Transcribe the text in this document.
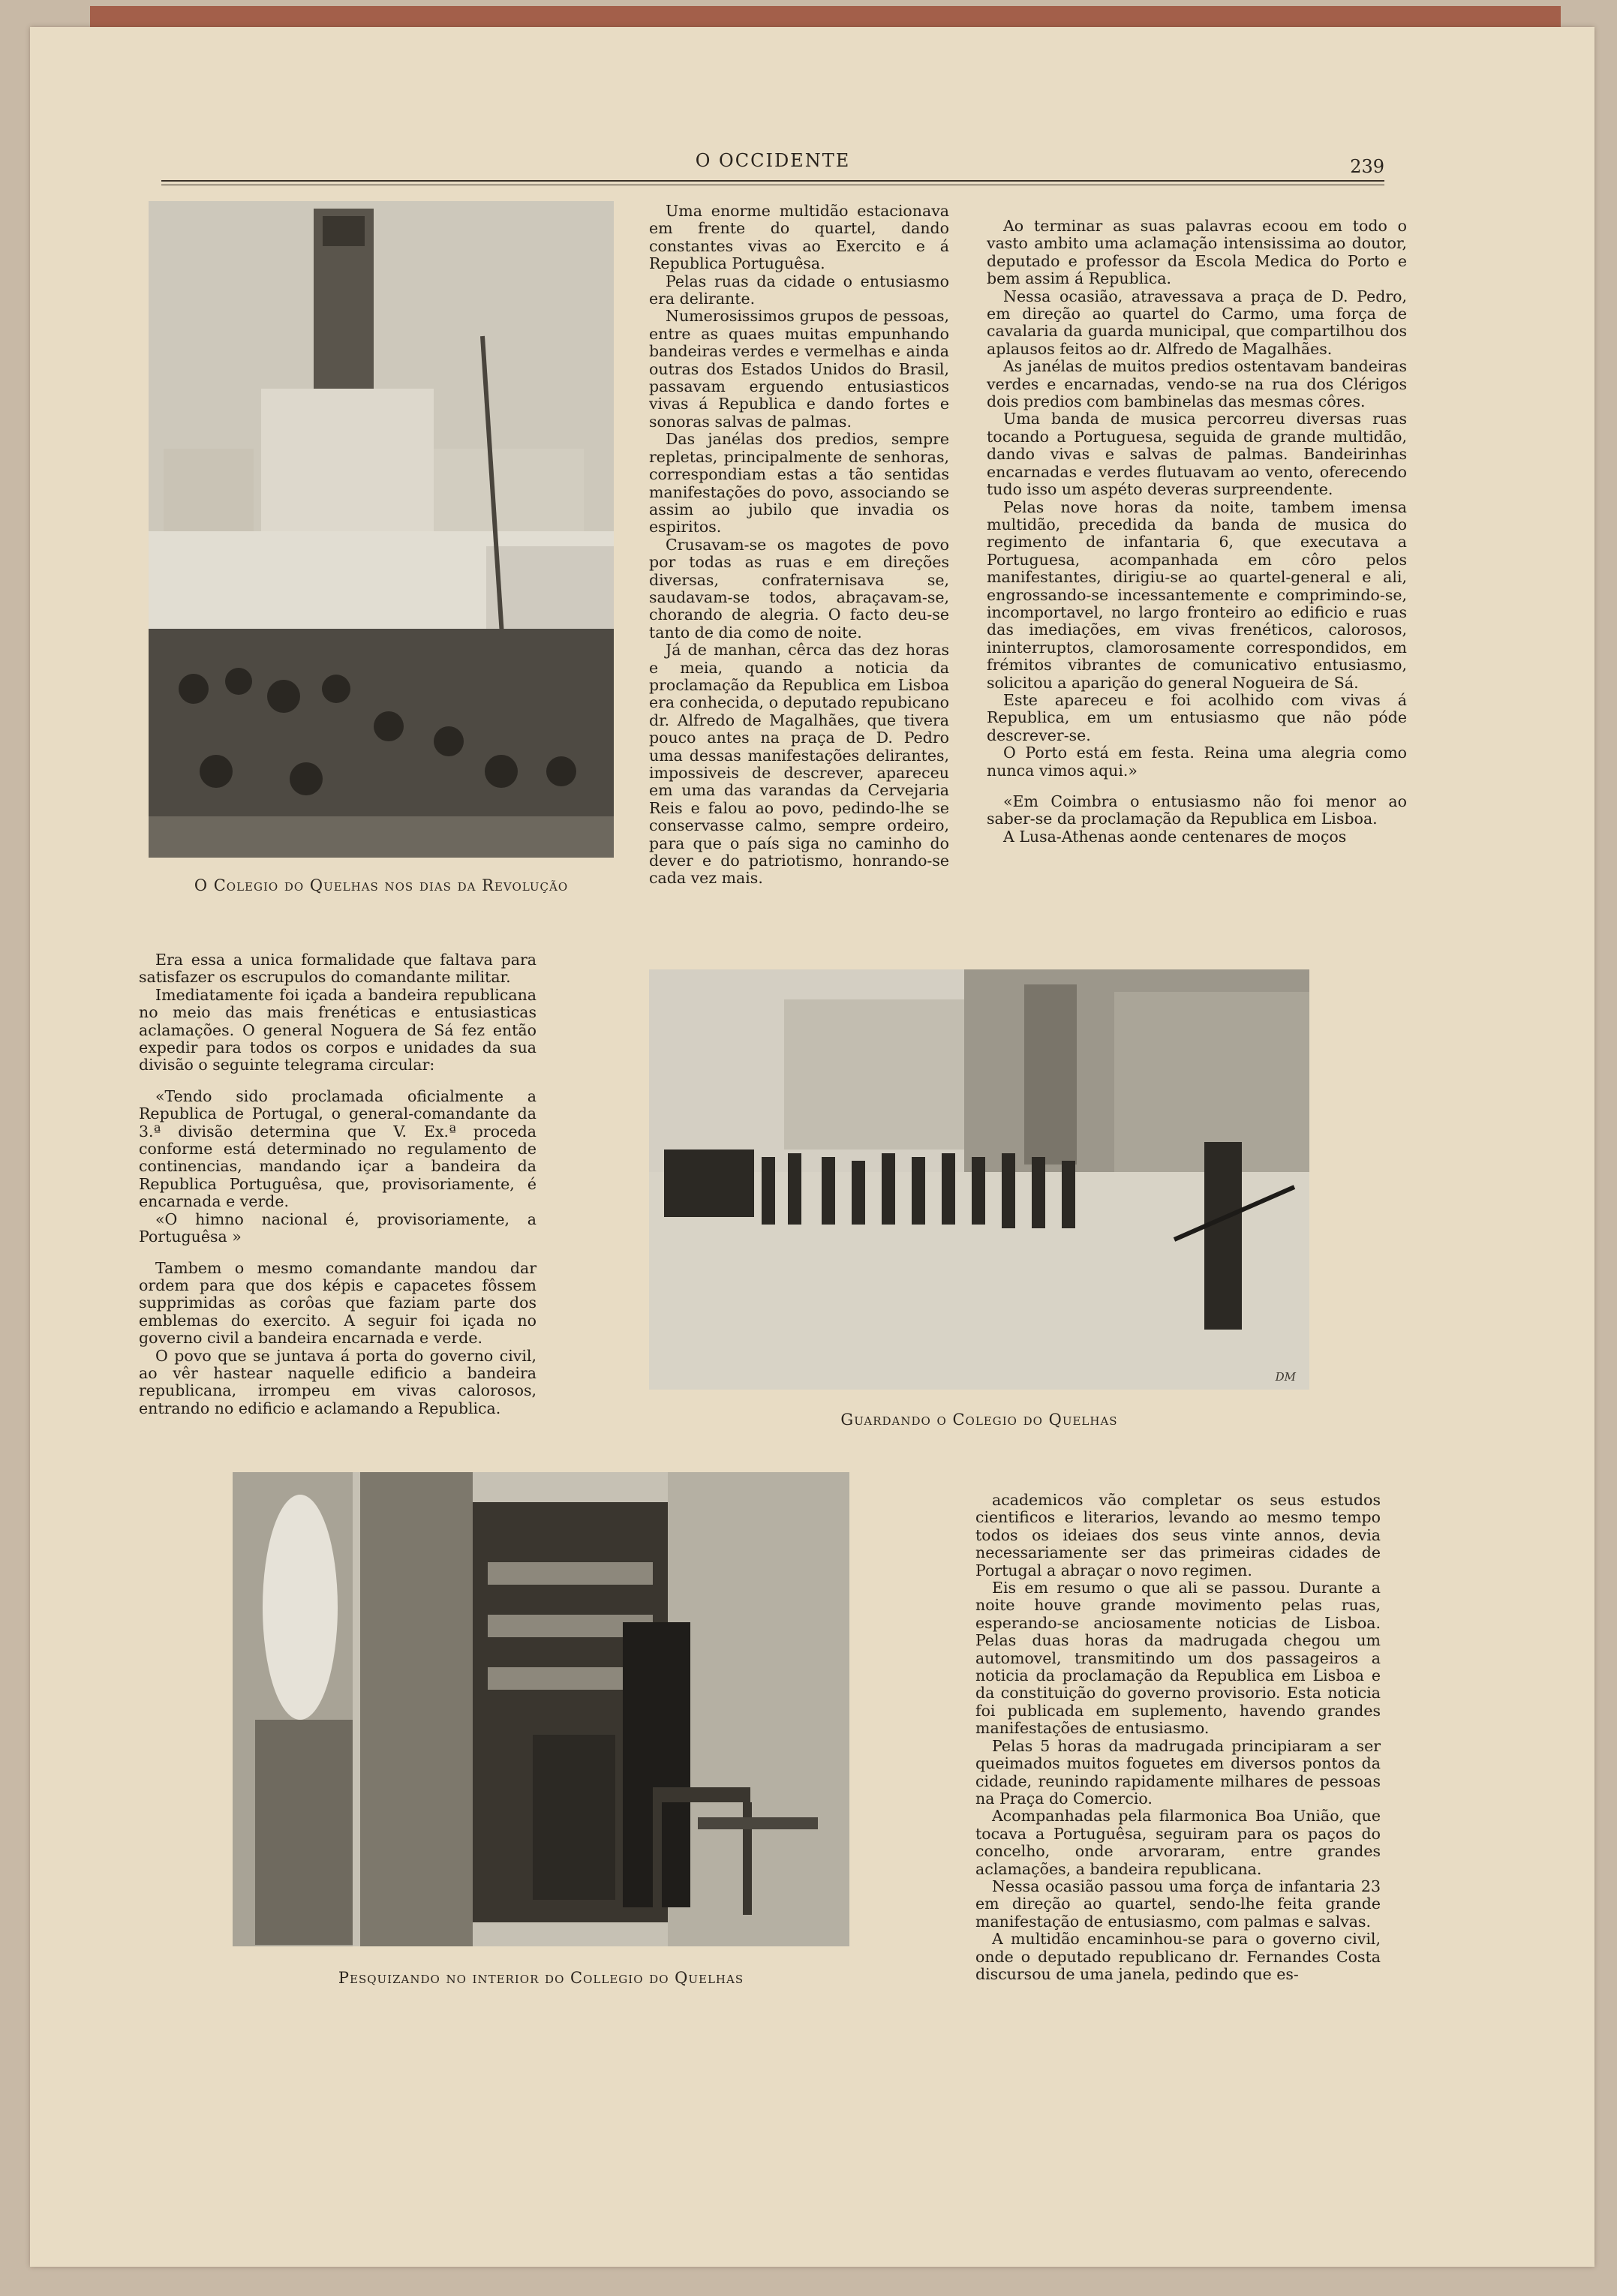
O OCCIDENTE	239
O Colegio do Quelhas nos dias da Revolução

Uma enorme multidão estacionava em frente do quartel, dando constantes vivas ao Exercito e á Republica Portuguêsa.

Pelas ruas da cidade o entusiasmo era delirante.

Numerosissimos grupos de pessoas, entre as quaes muitas empunhando bandeiras verdes e vermelhas e ainda outras dos Estados Unidos do Brasil, passavam erguendo entusiasticos vivas á Republica e dando fortes e sonoras salvas de palmas.

Das janélas dos predios, sempre repletas, principalmente de senhoras, correspondiam estas a tão sentidas manifestações do povo, associando se assim ao jubilo que invadia os espiritos.

Crusavam-se os magotes de povo por todas as ruas e em direções diversas, confraternisava se, saudavam-se todos, abraçavam-se, chorando de alegria. O facto deu-se tanto de dia como de noite.

Já de manhan, cêrca das dez horas e meia, quando a noticia da proclamação da Republica em Lisboa era conhecida, o deputado repubicano dr. Alfredo de Magalhães, que tivera pouco antes na praça de D. Pedro uma dessas manifestações delirantes, impossiveis de descrever, apareceu em uma das varandas da Cervejaria Reis e falou ao povo, pedindo-lhe se conservasse calmo, sempre ordeiro, para que o país siga no caminho do dever e do patriotismo, honrando-se cada vez mais.

Ao terminar as suas palavras ecoou em todo o vasto ambito uma aclamação intensissima ao doutor, deputado e professor da Escola Medica do Porto e bem assim á Republica.

Nessa ocasião, atravessava a praça de D. Pedro, em direção ao quartel do Carmo, uma força de cavalaria da guarda municipal, que compartilhou dos aplausos feitos ao dr. Alfredo de Magalhães.

As janélas de muitos predios ostentavam bandeiras verdes e encarnadas, vendo-se na rua dos Clérigos dois predios com bambinelas das mesmas côres.

Uma banda de musica percorreu diversas ruas tocando a Portuguesa, seguida de grande multidão, dando vivas e salvas de palmas. Bandeirinhas encarnadas e verdes flutuavam ao vento, oferecendo tudo isso um aspéto deveras surpreendente.

Pelas nove horas da noite, tambem imensa multidão, precedida da banda de musica do regimento de infantaria 6, que executava a Portuguesa, acompanhada em côro pelos manifestantes, dirigiu-se ao quartel-general e ali, engrossando-se incessantemente e comprimindo-se, incomportavel, no largo fronteiro ao edificio e ruas das imediações, em vivas frenéticos, calorosos, ininterruptos, clamorosamente correspondidos, em frémitos vibrantes de comunicativo entusiasmo, solicitou a aparição do general Nogueira de Sá.

Este apareceu e foi acolhido com vivas á Republica, em um entusiasmo que não póde descrever-se.

O Porto está em festa. Reina uma alegria como nunca vimos aqui.»

«Em Coimbra o entusiasmo não foi menor ao saber-se da proclamação da Republica em Lisboa.

A Lusa-Athenas aonde centenares de moços

Era essa a unica formalidade que faltava para satisfazer os escrupulos do comandante militar.

Imediatamente foi içada a bandeira republicana no meio das mais frenéticas e entusiasticas aclamações. O general Noguera de Sá fez então expedir para todos os corpos e unidades da sua divisão o seguinte telegrama circular:

«Tendo sido proclamada oficialmente a Republica de Portugal, o general-comandante da 3.ª divisão determina que V. Ex.ª proceda conforme está determinado no regulamento de continencias, mandando içar a bandeira da Republica Portuguêsa, que, provisoriamente, é encarnada e verde.

«O himno nacional é, provisoriamente, a Portuguêsa »

Tambem o mesmo comandante mandou dar ordem para que dos képis e capacetes fôssem supprimidas as corôas que faziam parte dos emblemas do exercito. A seguir foi içada no governo civil a bandeira encarnada e verde.

O povo que se juntava á porta do governo civil, ao vêr hastear naquelle edificio a bandeira republicana, irrompeu em vivas calorosos, entrando no edificio e aclamando a Republica.

DM
Guardando o Colegio do Quelhas
Pesquizando no interior do Collegio do Quelhas

academicos vão completar os seus estudos cientificos e literarios, levando ao mesmo tempo todos os ideiaes dos seus vinte annos, devia necessariamente ser das primeiras cidades de Portugal a abraçar o novo regimen.

Eis em resumo o que ali se passou. Durante a noite houve grande movimento pelas ruas, esperando-se anciosamente noticias de Lisboa. Pelas duas horas da madrugada chegou um automovel, transmitindo um dos passageiros a noticia da proclamação da Republica em Lisboa e da constituição do governo provisorio. Esta noticia foi publicada em suplemento, havendo grandes manifestações de entusiasmo.

Pelas 5 horas da madrugada principiaram a ser queimados muitos foguetes em diversos pontos da cidade, reunindo rapidamente milhares de pessoas na Praça do Comercio.

Acompanhadas pela filarmonica Boa União, que tocava a Portuguêsa, seguiram para os paços do concelho, onde arvoraram, entre grandes aclamações, a bandeira republicana.

Nessa ocasião passou uma força de infantaria 23 em direção ao quartel, sendo-lhe feita grande manifestação de entusiasmo, com palmas e salvas.

A multidão encaminhou-se para o governo civil, onde o deputado republicano dr. Fernandes Costa discursou de uma janela, pedindo que es-
